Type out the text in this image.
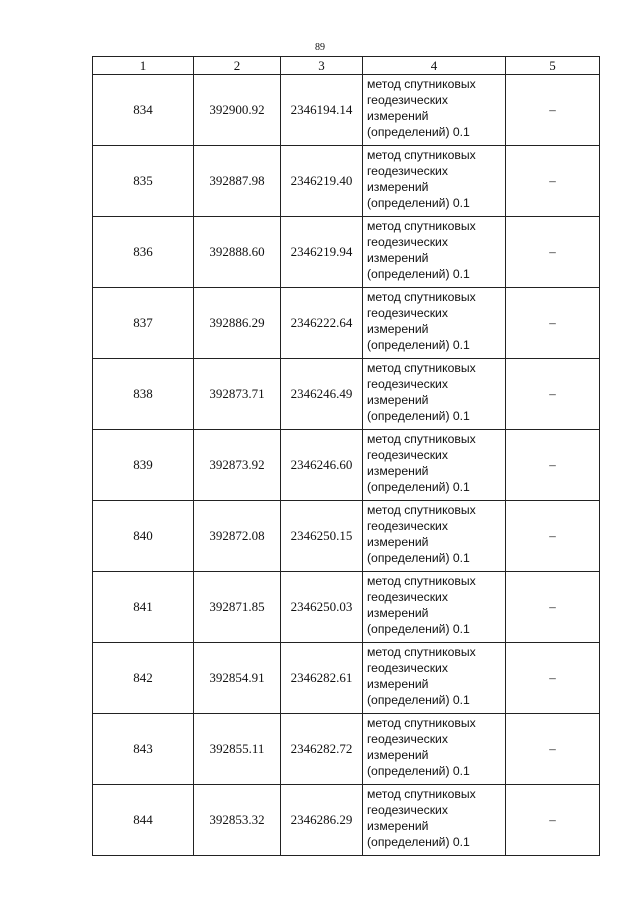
89
1	2	3	4	5
834	392900.92	2346194.14	метод спутниковых геодезических измерений (определений) 0.1	–
835	392887.98	2346219.40	метод спутниковых геодезических измерений (определений) 0.1	–
836	392888.60	2346219.94	метод спутниковых геодезических измерений (определений) 0.1	–
837	392886.29	2346222.64	метод спутниковых геодезических измерений (определений) 0.1	–
838	392873.71	2346246.49	метод спутниковых геодезических измерений (определений) 0.1	–
839	392873.92	2346246.60	метод спутниковых геодезических измерений (определений) 0.1	–
840	392872.08	2346250.15	метод спутниковых геодезических измерений (определений) 0.1	–
841	392871.85	2346250.03	метод спутниковых геодезических измерений (определений) 0.1	–
842	392854.91	2346282.61	метод спутниковых геодезических измерений (определений) 0.1	–
843	392855.11	2346282.72	метод спутниковых геодезических измерений (определений) 0.1	–
844	392853.32	2346286.29	метод спутниковых геодезических измерений (определений) 0.1	–
